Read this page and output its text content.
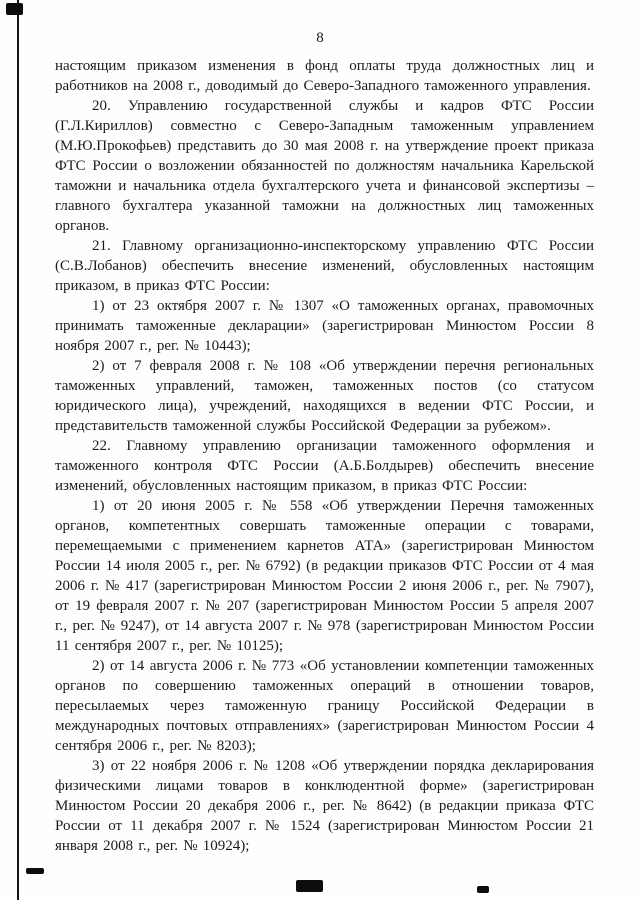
8

настоящим приказом изменения в фонд оплаты труда должностных лиц и работников на 2008 г., доводимый до Северо-Западного таможенного управления.

20. Управлению государственной службы и кадров ФТС России (Г.Л.Кириллов) совместно с Северо-Западным таможенным управлением (М.Ю.Прокофьев) представить до 30 мая 2008 г. на утверждение проект приказа ФТС России о возложении обязанностей по должностям начальника Карельской таможни и начальника отдела бухгалтерского учета и финансовой экспертизы – главного бухгалтера указанной таможни на должностных лиц таможенных органов.

21. Главному организационно-инспекторскому управлению ФТС России (С.В.Лобанов) обеспечить внесение изменений, обусловленных настоящим приказом, в приказ ФТС России:

1) от 23 октября 2007 г. № 1307 «О таможенных органах, правомочных принимать таможенные декларации» (зарегистрирован Минюстом России 8 ноября 2007 г., рег. № 10443);

2) от 7 февраля 2008 г. № 108 «Об утверждении перечня региональных таможенных управлений, таможен, таможенных постов (со статусом юридического лица), учреждений, находящихся в ведении ФТС России, и представительств таможенной службы Российской Федерации за рубежом».

22. Главному управлению организации таможенного оформления и таможенного контроля ФТС России (А.Б.Болдырев) обеспечить внесение изменений, обусловленных настоящим приказом, в приказ ФТС России:

1) от 20 июня 2005 г. № 558 «Об утверждении Перечня таможенных органов, компетентных совершать таможенные операции с товарами, перемещаемыми с применением карнетов АТА» (зарегистрирован Минюстом России 14 июля 2005 г., рег. № 6792) (в редакции приказов ФТС России от 4 мая 2006 г. № 417 (зарегистрирован Минюстом России 2 июня 2006 г., рег. № 7907), от 19 февраля 2007 г. № 207 (зарегистрирован Минюстом России 5 апреля 2007 г., рег. № 9247), от 14 августа 2007 г. № 978 (зарегистрирован Минюстом России 11 сентября 2007 г., рег. № 10125);

2) от 14 августа 2006 г. № 773 «Об установлении компетенции таможенных органов по совершению таможенных операций в отношении товаров, пересылаемых через таможенную границу Российской Федерации в международных почтовых отправлениях» (зарегистрирован Минюстом России 4 сентября 2006 г., рег. № 8203);

3) от 22 ноября 2006 г. № 1208 «Об утверждении порядка декларирования физическими лицами товаров в конклюдентной форме» (зарегистрирован Минюстом России 20 декабря 2006 г., рег. № 8642) (в редакции приказа ФТС России от 11 декабря 2007 г. № 1524 (зарегистрирован Минюстом России 21 января 2008 г., рег. № 10924);
